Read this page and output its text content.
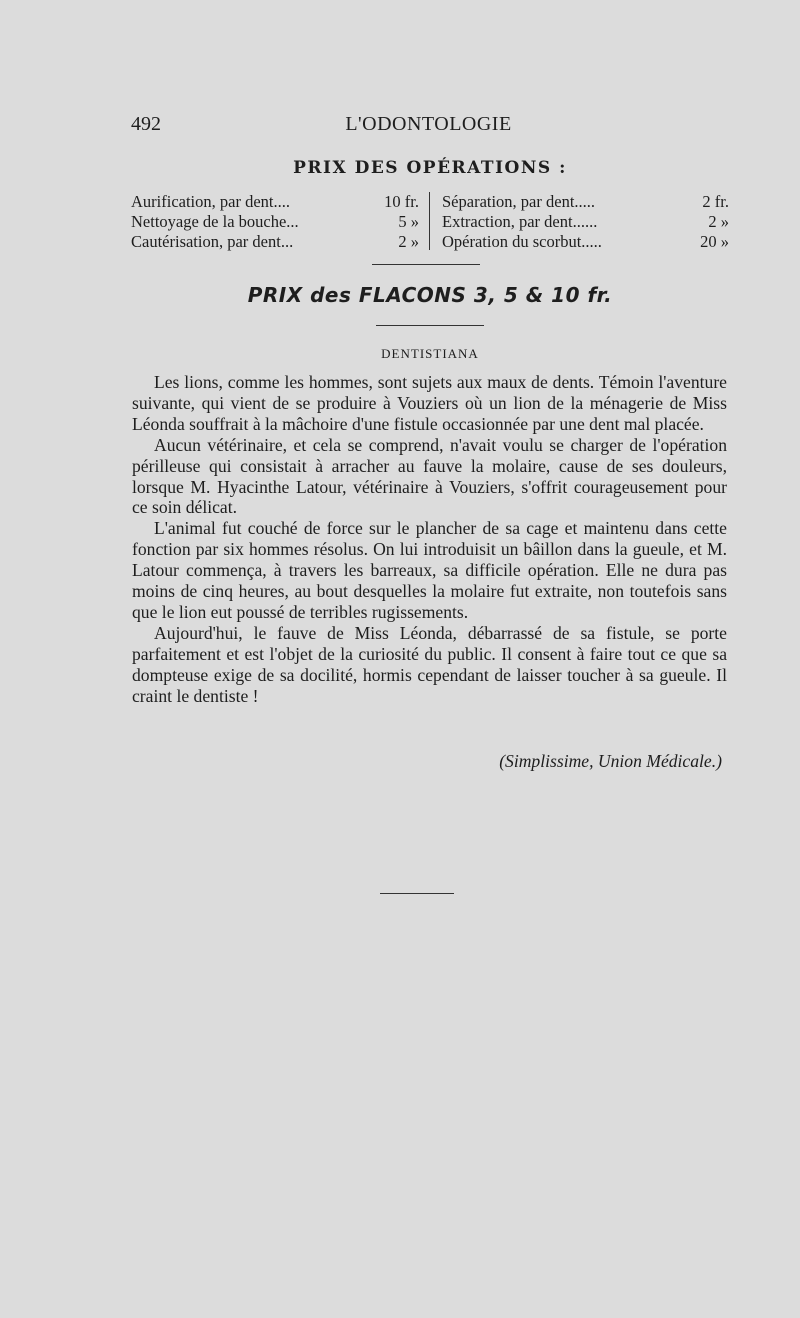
492	L'ODONTOLOGIE
PRIX DES OPÉRATIONS :
Aurification, par dent....	10 fr.
Nettoyage de la bouche...	5 »
Cautérisation, par dent...	2 »
Séparation, par dent.....	2 fr.
Extraction, par dent......	2 »
Opération du scorbut.....	20 »
PRIX des FLACONS 3, 5 & 10 fr.
DENTISTIANA

Les lions, comme les hommes, sont sujets aux maux de dents. Témoin l'aventure suivante, qui vient de se produire à Vouziers où un lion de la ménagerie de Miss Léonda souffrait à la mâchoire d'une fistule occasionnée par une dent mal placée.

Aucun vétérinaire, et cela se comprend, n'avait voulu se charger de l'opération périlleuse qui consistait à arracher au fauve la molaire, cause de ses douleurs, lorsque M. Hyacinthe Latour, vétérinaire à Vouziers, s'offrit courageusement pour ce soin délicat.

L'animal fut couché de force sur le plancher de sa cage et maintenu dans cette fonction par six hommes résolus. On lui introduisit un bâillon dans la gueule, et M. Latour commença, à travers les barreaux, sa difficile opération. Elle ne dura pas moins de cinq heures, au bout desquelles la molaire fut extraite, non toutefois sans que le lion eut poussé de terribles rugissements.

Aujourd'hui, le fauve de Miss Léonda, débarrassé de sa fistule, se porte parfaitement et est l'objet de la curiosité du public. Il consent à faire tout ce que sa dompteuse exige de sa docilité, hormis cependant de laisser toucher à sa gueule. Il craint le dentiste !

(Simplissime, Union Médicale.)
